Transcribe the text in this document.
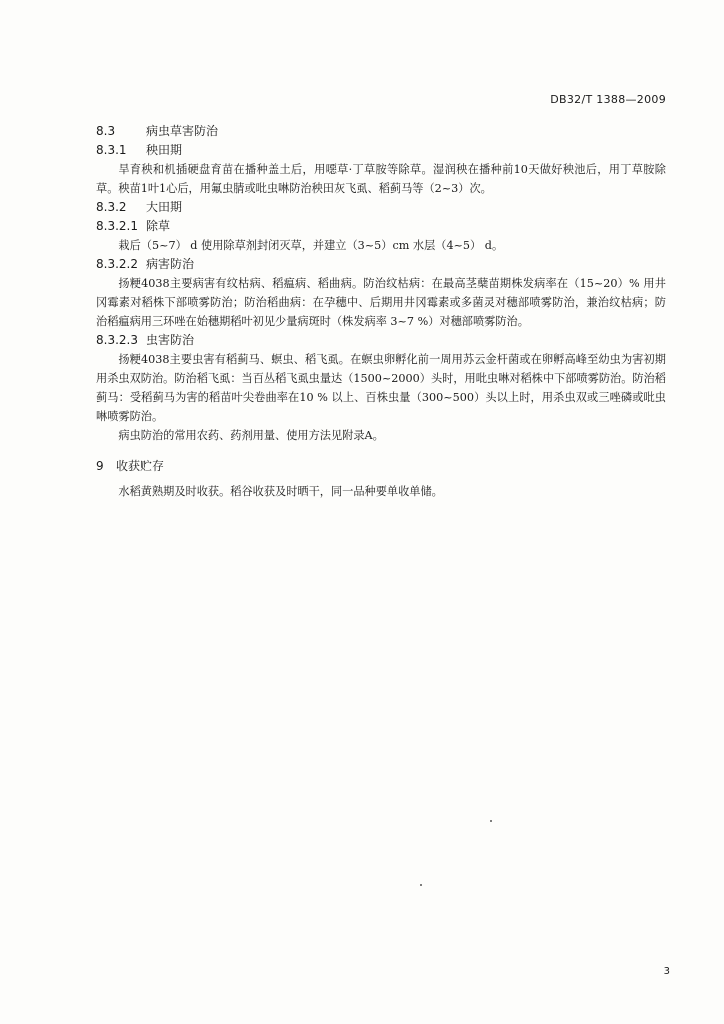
DB32/T 1388—2009
8.3	病虫草害防治
8.3.1 秧田期
旱育秧和机插硬盘育苗在播种盖土后，用噁草·丁草胺等除草。湿润秧在播种前10天做好秧池后，用丁草胺除草。秧苗1叶1心后，用氟虫腈或吡虫啉防治秧田灰飞虱、稻蓟马等（2~3）次。
8.3.2 大田期
8.3.2.1 除草
栽后（5~7） d 使用除草剂封闭灭草，并建立（3~5）cm 水层（4~5） d。
8.3.2.2 病害防治
扬粳4038主要病害有纹枯病、稻瘟病、稻曲病。防治纹枯病：在最高茎蘖苗期株发病率在（15~20）% 用井冈霉素对稻株下部喷雾防治；防治稻曲病：在孕穗中、后期用井冈霉素或多菌灵对穗部喷雾防治，兼治纹枯病；防治稻瘟病用三环唑在始穗期稻叶初见少量病斑时（株发病率 3~7 %）对穗部喷雾防治。
8.3.2.3 虫害防治
扬粳4038主要虫害有稻蓟马、螟虫、稻飞虱。在螟虫卵孵化前一周用苏云金杆菌或在卵孵高峰至幼虫为害初期用杀虫双防治。防治稻飞虱：当百丛稻飞虱虫量达（1500~2000）头时，用吡虫啉对稻株中下部喷雾防治。防治稻蓟马：受稻蓟马为害的稻苗叶尖卷曲率在10 % 以上、百株虫量（300~500）头以上时，用杀虫双或三唑磷或吡虫啉喷雾防治。
病虫防治的常用农药、药剂用量、使用方法见附录A。
9 收获贮存
水稻黄熟期及时收获。稻谷收获及时晒干，同一品种要单收单储。
3
